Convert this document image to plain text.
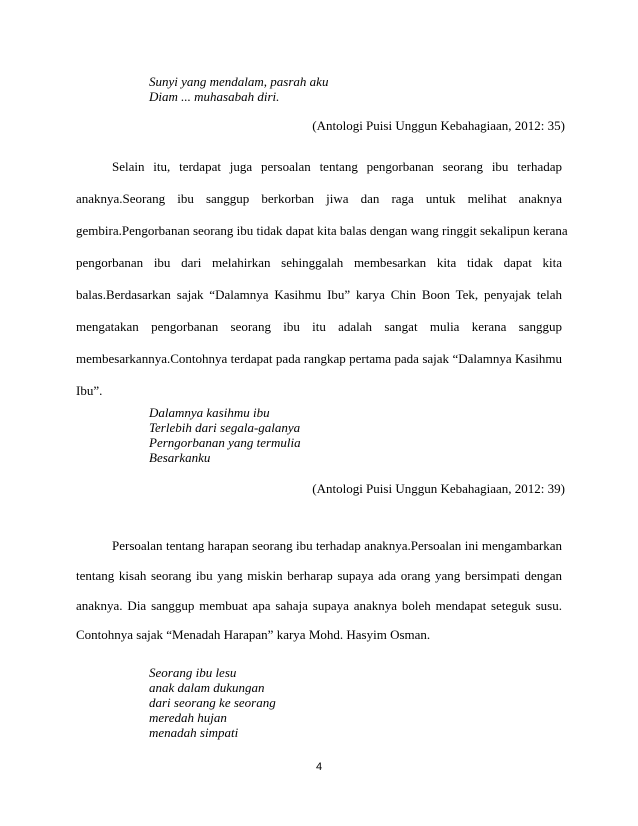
Sunyi yang mendalam, pasrah aku
Diam ... muhasabah diri.
(Antologi Puisi Unggun Kebahagiaan, 2012: 35)
Selain itu, terdapat juga persoalan tentang pengorbanan seorang ibu terhadap
anaknya.Seorang ibu sanggup berkorban jiwa dan raga untuk melihat anaknya
gembira.Pengorbanan seorang ibu tidak dapat kita balas dengan wang ringgit sekalipun kerana
pengorbanan ibu dari melahirkan sehinggalah membesarkan kita tidak dapat kita
balas.Berdasarkan sajak “Dalamnya Kasihmu Ibu” karya Chin Boon Tek, penyajak telah
mengatakan pengorbanan seorang ibu itu adalah sangat mulia kerana sanggup
membesarkannya.Contohnya terdapat pada rangkap pertama pada sajak “Dalamnya Kasihmu
Ibu”.
Dalamnya kasihmu ibu
Terlebih dari segala-galanya
Perngorbanan yang termulia
Besarkanku
(Antologi Puisi Unggun Kebahagiaan, 2012: 39)
Persoalan tentang harapan seorang ibu terhadap anaknya.Persoalan ini mengambarkan
tentang kisah seorang ibu yang miskin berharap supaya ada orang yang bersimpati dengan
anaknya. Dia sanggup membuat apa sahaja supaya anaknya boleh mendapat seteguk susu.
Contohnya sajak “Menadah Harapan” karya Mohd. Hasyim Osman.
Seorang ibu lesu
anak dalam dukungan
dari seorang ke seorang
meredah hujan
menadah simpati
4
